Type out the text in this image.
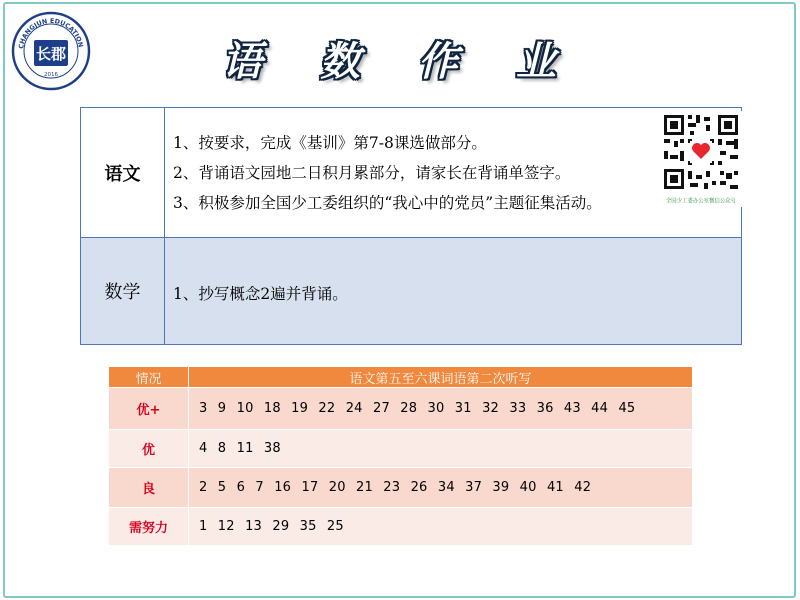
CHANGJUN EDUCATION
长郡
2016	语 数 作 业
语文
1、按要求，完成《基训》第7-8课选做部分。
2、背诵语文园地二日积月累部分，请家长在背诵单签字。
3、积极参加全国少工委组织的“我心中的党员”主题征集活动。
数学	1、抄写概念2遍并背诵。
全国少工委办公室微信公众号
情况	语文第五至六课词语第二次听写
优+	3 9 10 18 19 22 24 27 28 30 31 32 33 36 43 44 45
优	4 8 11 38
良	2 5 6 7 16 17 20 21 23 26 34 37 39 40 41 42
需努力	1 12 13 29 35 25
